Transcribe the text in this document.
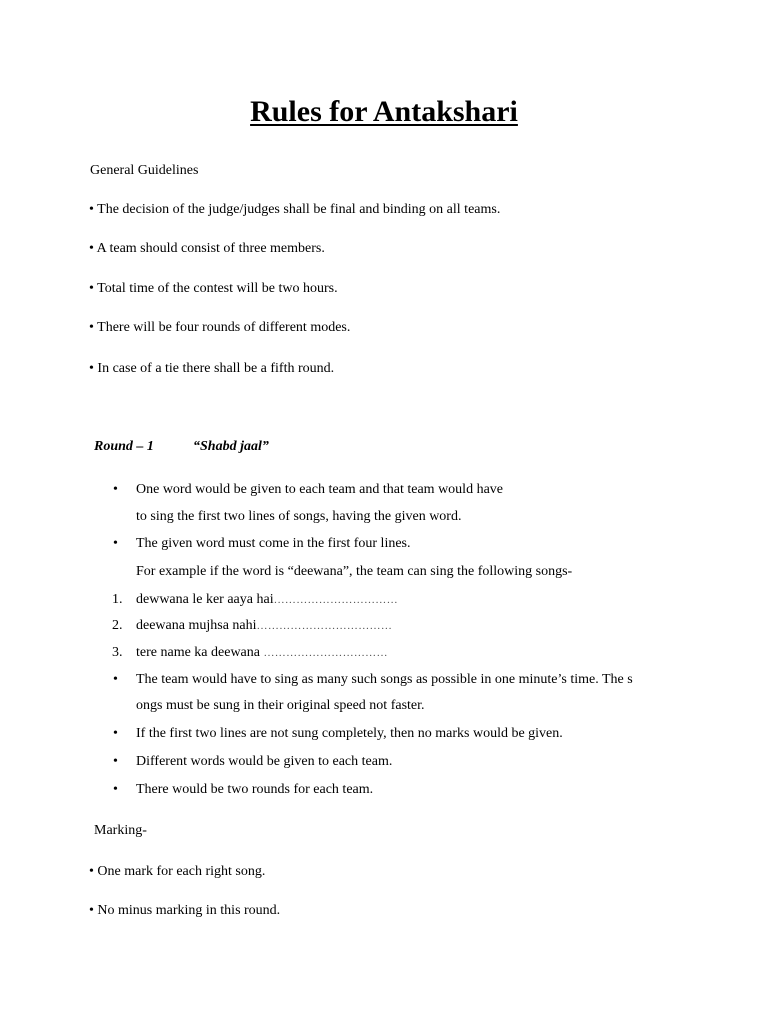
Rules for Antakshari
General Guidelines
• The decision of the judge/judges shall be final and binding on all teams.
• A team should consist of three members.
• Total time of the contest will be two hours.
• There will be four rounds of different modes.
• In case of a tie there shall be a fifth round.
Round – 1	“Shabd jaal”
• One word would be given to each team and that team would have
to sing the first two lines of songs, having the given word.
• The given word must come in the first four lines.
For example if the word is “deewana”, the team can sing the following songs-
1. dewwana le ker aaya hai……………………………
2. deewana mujhsa nahi………………………………
3. tere name ka deewana ……………………………
• The team would have to sing as many such songs as possible in one minute’s time. The s
ongs must be sung in their original speed not faster.
• If the first two lines are not sung completely, then no marks would be given.
• Different words would be given to each team.
• There would be two rounds for each team.
Marking-
• One mark for each right song.
• No minus marking in this round.
